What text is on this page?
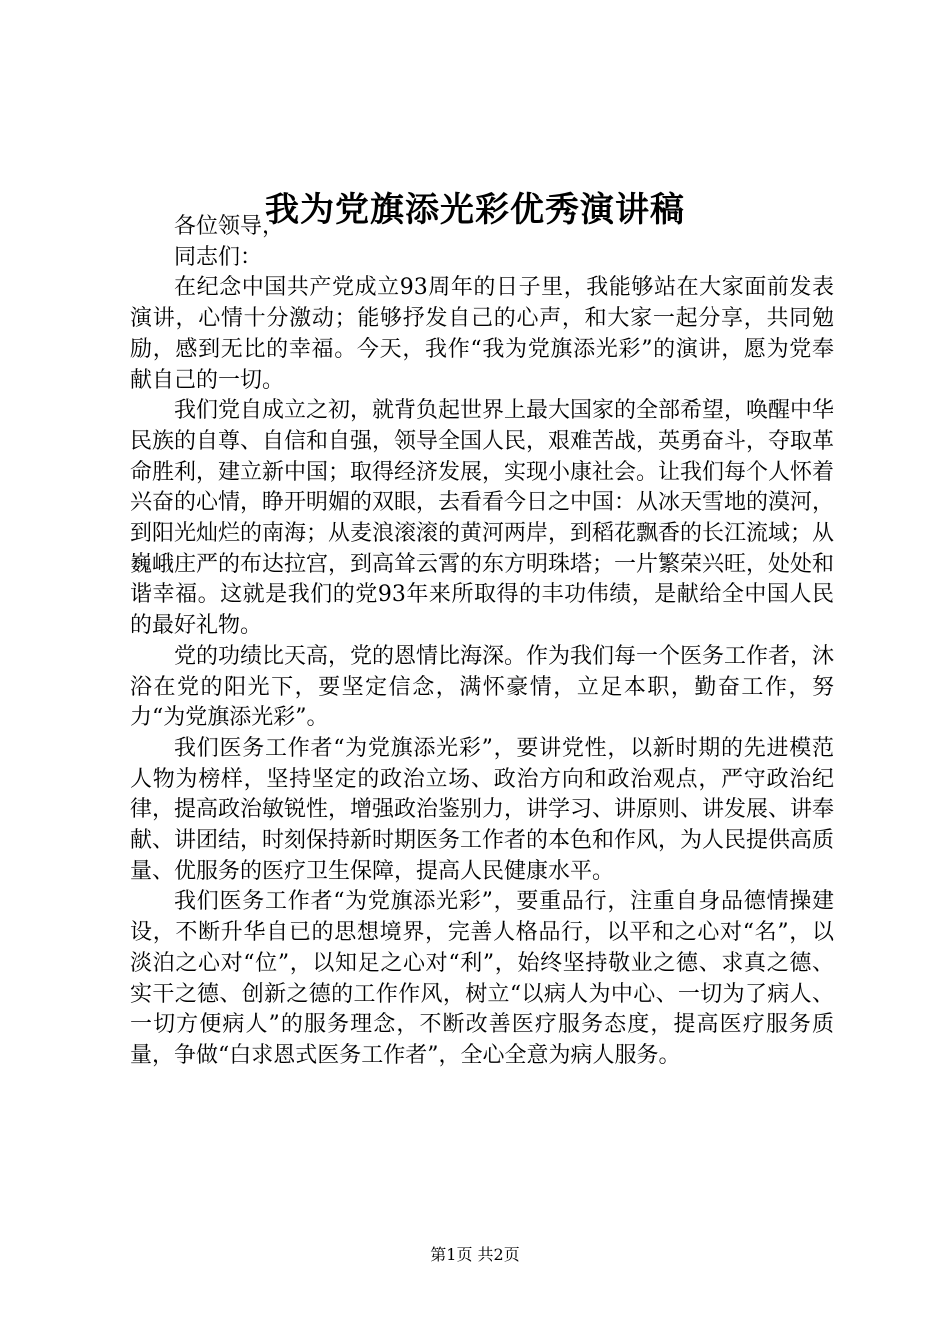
我为党旗添光彩优秀演讲稿
各位领导，
同志们：

在纪念中国共产党成立93周年的日子里，我能够站在大家面前发表演讲，心情十分激动；能够抒发自己的心声，和大家一起分享，共同勉励，感到无比的幸福。今天，我作“我为党旗添光彩”的演讲，愿为党奉献自己的一切。

我们党自成立之初，就背负起世界上最大国家的全部希望，唤醒中华民族的自尊、自信和自强，领导全国人民，艰难苦战，英勇奋斗，夺取革命胜利，建立新中国；取得经济发展，实现小康社会。让我们每个人怀着兴奋的心情，睁开明媚的双眼，去看看今日之中国：从冰天雪地的漠河，到阳光灿烂的南海；从麦浪滚滚的黄河两岸，到稻花飘香的长江流域；从巍峨庄严的布达拉宫，到高耸云霄的东方明珠塔；一片繁荣兴旺，处处和谐幸福。这就是我们的党93年来所取得的丰功伟绩，是献给全中国人民的最好礼物。

党的功绩比天高，党的恩情比海深。作为我们每一个医务工作者，沐浴在党的阳光下，要坚定信念，满怀豪情，立足本职，勤奋工作，努力“为党旗添光彩”。

我们医务工作者“为党旗添光彩”，要讲党性，以新时期的先进模范人物为榜样，坚持坚定的政治立场、政治方向和政治观点，严守政治纪律，提高政治敏锐性，增强政治鉴别力，讲学习、讲原则、讲发展、讲奉献、讲团结，时刻保持新时期医务工作者的本色和作风，为人民提供高质量、优服务的医疗卫生保障，提高人民健康水平。

我们医务工作者“为党旗添光彩”，要重品行，注重自身品德情操建设，不断升华自已的思想境界，完善人格品行，以平和之心对“名”，以淡泊之心对“位”，以知足之心对“利”，始终坚持敬业之德、求真之德、实干之德、创新之德的工作作风，树立“以病人为中心、一切为了病人、一切方便病人”的服务理念，不断改善医疗服务态度，提高医疗服务质量，争做“白求恩式医务工作者”，全心全意为病人服务。

第1页 共2页
